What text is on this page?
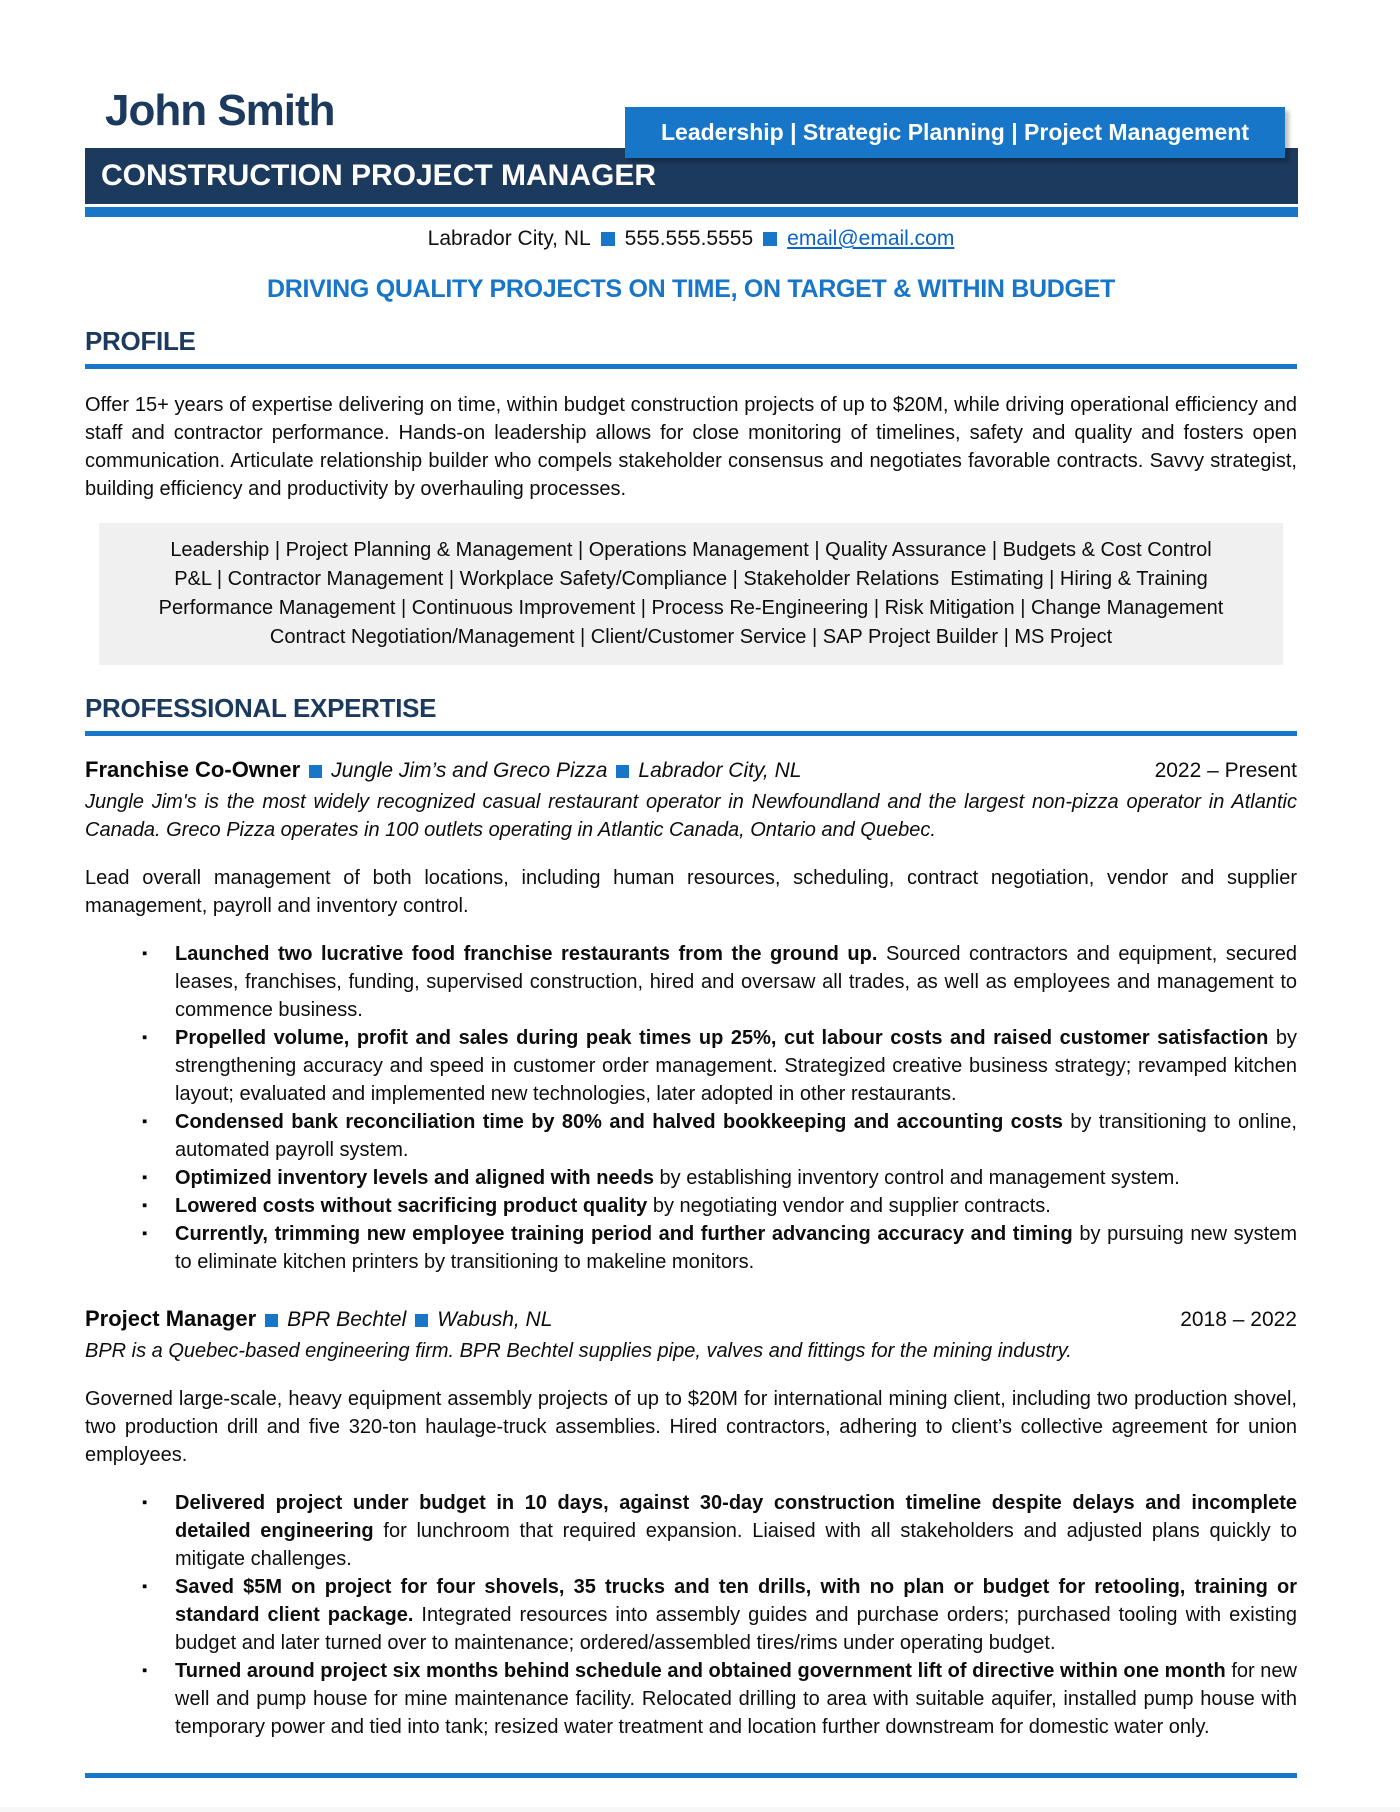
John Smith
CONSTRUCTION PROJECT MANAGER
Leadership | Strategic Planning | Project Management
Labrador City, NL 555.555.5555 email@email.com
DRIVING QUALITY PROJECTS ON TIME, ON TARGET & WITHIN BUDGET
PROFILE

Offer 15+ years of expertise delivering on time, within budget construction projects of up to $20M, while driving operational efficiency and staff and contractor performance. Hands-on leadership allows for close monitoring of timelines, safety and quality and fosters open communication. Articulate relationship builder who compels stakeholder consensus and negotiates favorable contracts. Savvy strategist, building efficiency and productivity by overhauling processes.

Leadership | Project Planning & Management | Operations Management | Quality Assurance | Budgets & Cost Control
P&L | Contractor Management | Workplace Safety/Compliance | Stakeholder Relations  Estimating | Hiring & Training
Performance Management | Continuous Improvement | Process Re-Engineering | Risk Mitigation | Change Management
Contract Negotiation/Management | Client/Customer Service | SAP Project Builder | MS Project
PROFESSIONAL EXPERTISE
Franchise Co-Owner Jungle Jim’s and Greco Pizza Labrador City, NL	2022 – Present

Jungle Jim's is the most widely recognized casual restaurant operator in Newfoundland and the largest non-pizza operator in Atlantic Canada. Greco Pizza operates in 100 outlets operating in Atlantic Canada, Ontario and Quebec.

Lead overall management of both locations, including human resources, scheduling, contract negotiation, vendor and supplier management, payroll and inventory control.

▪ Launched two lucrative food franchise restaurants from the ground up. Sourced contractors and equipment, secured leases, franchises, funding, supervised construction, hired and oversaw all trades, as well as employees and management to commence business.
▪ Propelled volume, profit and sales during peak times up 25%, cut labour costs and raised customer satisfaction by strengthening accuracy and speed in customer order management. Strategized creative business strategy; revamped kitchen layout; evaluated and implemented new technologies, later adopted in other restaurants.
▪ Condensed bank reconciliation time by 80% and halved bookkeeping and accounting costs by transitioning to online, automated payroll system.
▪ Optimized inventory levels and aligned with needs by establishing inventory control and management system.
▪ Lowered costs without sacrificing product quality by negotiating vendor and supplier contracts.
▪ Currently, trimming new employee training period and further advancing accuracy and timing by pursuing new system to eliminate kitchen printers by transitioning to makeline monitors.
Project Manager BPR Bechtel Wabush, NL	2018 – 2022

BPR is a Quebec-based engineering firm. BPR Bechtel supplies pipe, valves and fittings for the mining industry.

Governed large-scale, heavy equipment assembly projects of up to $20M for international mining client, including two production shovel, two production drill and five 320-ton haulage-truck assemblies. Hired contractors, adhering to client’s collective agreement for union employees.

▪ Delivered project under budget in 10 days, against 30-day construction timeline despite delays and incomplete detailed engineering for lunchroom that required expansion. Liaised with all stakeholders and adjusted plans quickly to mitigate challenges.
▪ Saved $5M on project for four shovels, 35 trucks and ten drills, with no plan or budget for retooling, training or standard client package. Integrated resources into assembly guides and purchase orders; purchased tooling with existing budget and later turned over to maintenance; ordered/assembled tires/rims under operating budget.
▪ Turned around project six months behind schedule and obtained government lift of directive within one month for new well and pump house for mine maintenance facility. Relocated drilling to area with suitable aquifer, installed pump house with temporary power and tied into tank; resized water treatment and location further downstream for domestic water only.
